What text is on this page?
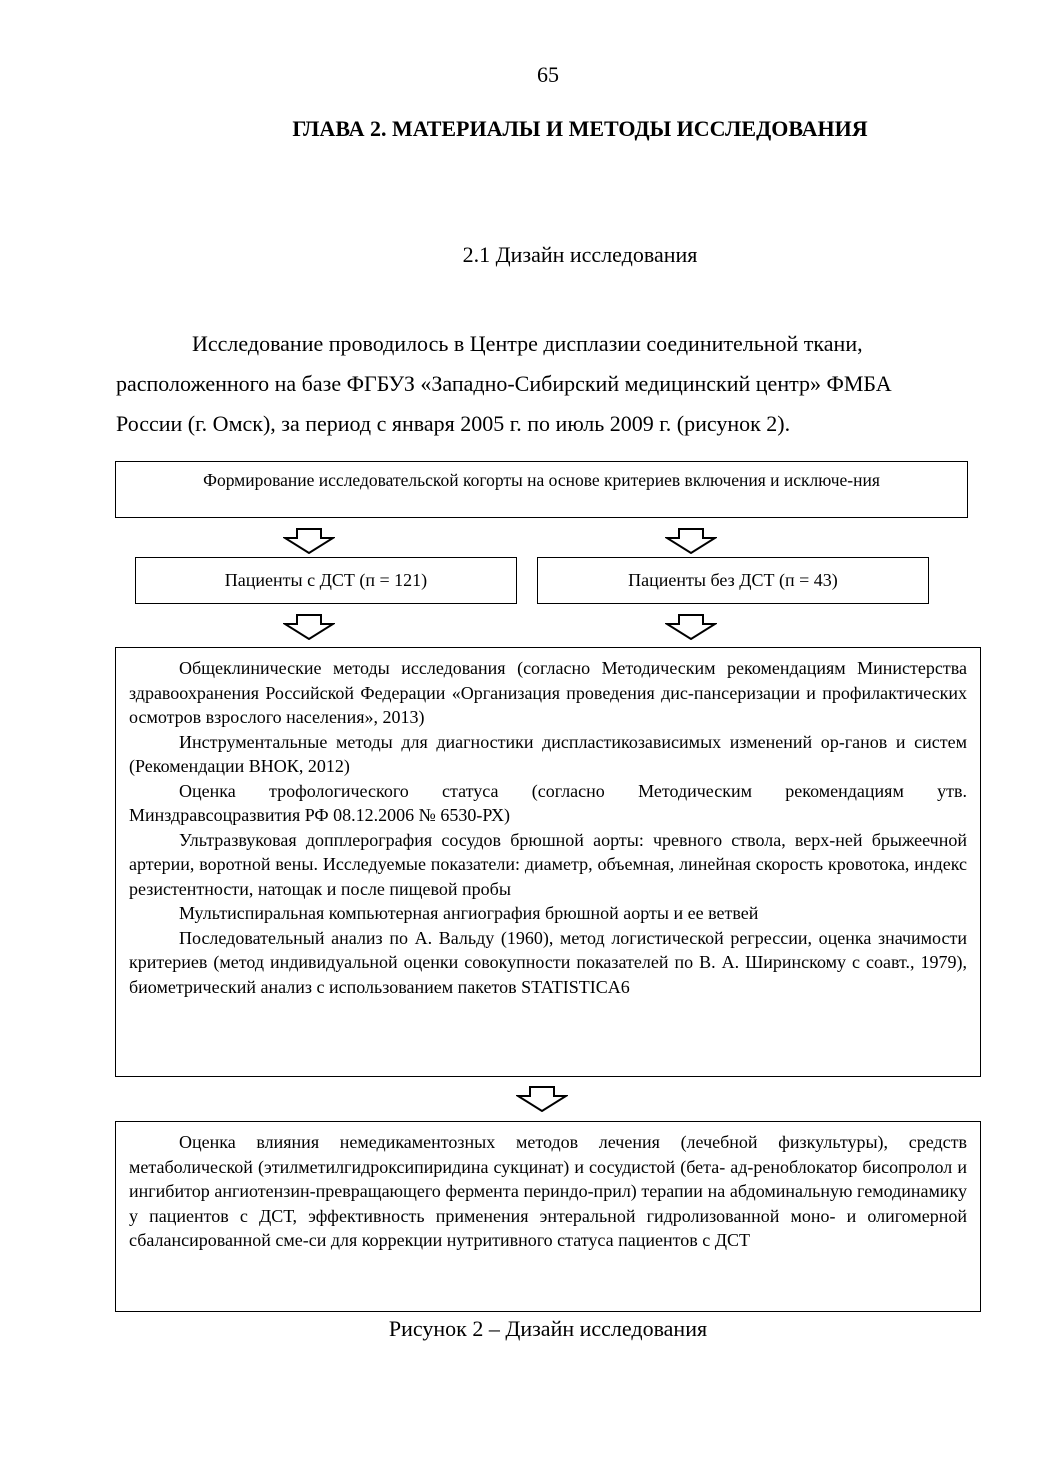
65
ГЛАВА 2. МАТЕРИАЛЫ И МЕТОДЫ ИССЛЕДОВАНИЯ
2.1 Дизайн исследования
Исследование проводилось в Центре дисплазии соединительной ткани,
расположенного на базе ФГБУЗ «Западно-Сибирский медицинский центр» ФМБА
России (г. Омск), за период с января 2005 г. по июль 2009 г. (рисунок 2).
Формирование исследовательской когорты на основе критериев включения и исключе-ния
Пациенты с ДСТ (п = 121)	Пациенты без ДСТ (п = 43)

Общеклинические методы исследования (согласно Методическим рекомендациям Министерства здравоохранения Российской Федерации «Организация проведения дис-пансеризации и профилактических осмотров взрослого населения», 2013)

Инструментальные методы для диагностики диспластикозависимых изменений ор-ганов и систем (Рекомендации ВНОК, 2012)

Оценка трофологического статуса (согласно Методическим рекомендациям утв. Минздравсоцразвития РФ 08.12.2006 № 6530-РХ)

Ультразвуковая допплерография сосудов брюшной аорты: чревного ствола, верх-ней брыжеечной артерии, воротной вены. Исследуемые показатели: диаметр, объемная, линейная скорость кровотока, индекс резистентности, натощак и после пищевой пробы

Мультиспиральная компьютерная ангиография брюшной аорты и ее ветвей

Последовательный анализ по А. Вальду (1960), метод логистической регрессии, оценка значимости критериев (метод индивидуальной оценки совокупности показателей по В. А. Ширинскому с соавт., 1979), биометрический анализ с использованием пакетов STATISTICA6

Оценка влияния немедикаментозных методов лечения (лечебной физкультуры), средств метаболической (этилметилгидроксипиридина сукцинат) и сосудистой (бета- ад-реноблокатор бисопролол и ингибитор ангиотензин-превращающего фермента периндо-прил) терапии на абдоминальную гемодинамику у пациентов с ДСТ, эффективность применения энтеральной гидролизованной моно- и олигомерной сбалансированной сме-си для коррекции нутритивного статуса пациентов с ДСТ

Рисунок 2 – Дизайн исследования
